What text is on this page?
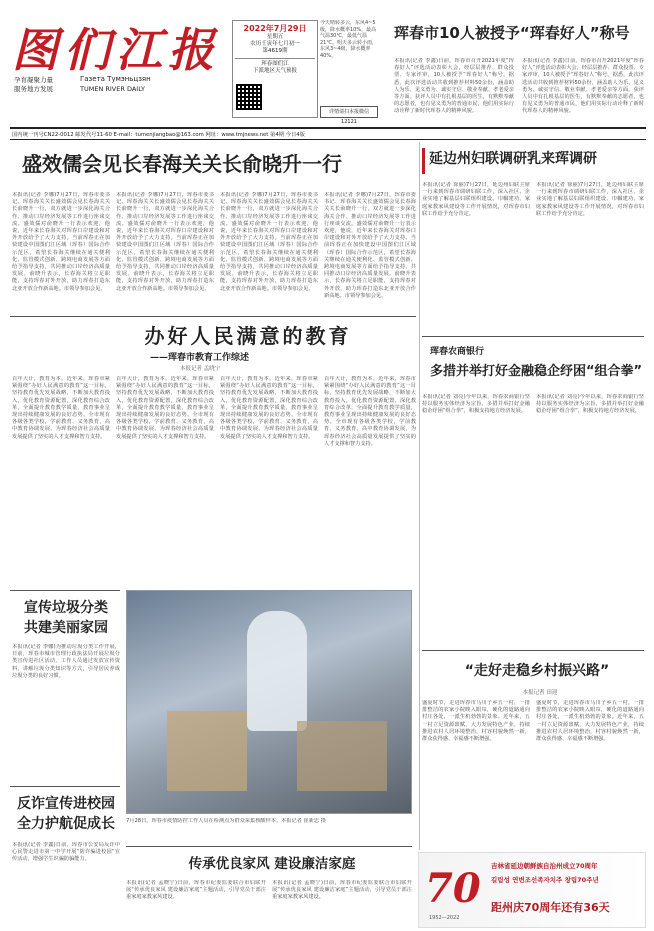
图们江报
孕育凝聚力量
服务地方发展
Газета Тумэньцзян
TUMEN RIVER DAILY
2022年7月29日
星期五
农历壬寅年七月初一
第4619期
珲春图们江
下派地区天气预报
今天晴转多云，东风4~5级，降水概率10%，最高气温30℃，最低气温21℃。明天多云转小雨，东风3~4级，降水概率40%。
详情请扫本报微信 12121
国内统一刊号CN22-0012 邮发代号11-60 E-mail：tumenjiangbao@163.com 网址：www.tmjnews.net 第4期 今日4版
珲春市10人被授予“珲春好人”称号
本报讯(记者 李鑫)日前，珲春市召开2021年度“珲春好人”评选活动表彰大会，经层层推荐、群众投票、专家评审，10人被授予“珲春好人”称号。据悉，此次评选活动共收到推荐材料50余份，涵盖助人为乐、见义勇为、诚实守信、敬业奉献、孝老爱亲等方面。获评人员中有扎根基层的医生，有默默奉献的志愿者，也有见义勇为的普通市民，他们用实际行动诠释了新时代珲春人的精神风貌。
本报讯(记者 李鑫)日前，珲春市召开2021年度“珲春好人”评选活动表彰大会，经层层推荐、群众投票、专家评审，10人被授予“珲春好人”称号。据悉，此次评选活动共收到推荐材料50余份，涵盖助人为乐、见义勇为、诚实守信、敬业奉献、孝老爱亲等方面。获评人员中有扎根基层的医生，有默默奉献的志愿者，也有见义勇为的普通市民，他们用实际行动诠释了新时代珲春人的精神风貌。
盛效儒会见长春海关关长俞晓升一行
本报讯(记者 李娜)7月27日，珲春市委书记、珲春海关关长盛效儒会见长春海关关长俞晓升一行，双方就进一步深化海关合作、推动口岸经济发展等工作进行座谈交流。盛效儒对俞晓升一行表示欢迎，他说，近年来长春海关对珲春口岸建设和对外开放给予了大力支持。当前珲春正在加快建设中国图们江区域（珲春）国际合作示范区，希望长春海关继续在通关便利化、监管模式创新、跨境电商发展等方面给予指导支持，共同推动口岸经济高质量发展。俞晓升表示，长春海关将立足职能，支持珲春对外开放，助力珲春打造东北亚开放合作新高地。市领导参加会见。
本报讯(记者 李娜)7月27日，珲春市委书记、珲春海关关长盛效儒会见长春海关关长俞晓升一行，双方就进一步深化海关合作、推动口岸经济发展等工作进行座谈交流。盛效儒对俞晓升一行表示欢迎，他说，近年来长春海关对珲春口岸建设和对外开放给予了大力支持。当前珲春正在加快建设中国图们江区域（珲春）国际合作示范区，希望长春海关继续在通关便利化、监管模式创新、跨境电商发展等方面给予指导支持，共同推动口岸经济高质量发展。俞晓升表示，长春海关将立足职能，支持珲春对外开放，助力珲春打造东北亚开放合作新高地。市领导参加会见。
本报讯(记者 李娜)7月27日，珲春市委书记、珲春海关关长盛效儒会见长春海关关长俞晓升一行，双方就进一步深化海关合作、推动口岸经济发展等工作进行座谈交流。盛效儒对俞晓升一行表示欢迎，他说，近年来长春海关对珲春口岸建设和对外开放给予了大力支持。当前珲春正在加快建设中国图们江区域（珲春）国际合作示范区，希望长春海关继续在通关便利化、监管模式创新、跨境电商发展等方面给予指导支持，共同推动口岸经济高质量发展。俞晓升表示，长春海关将立足职能，支持珲春对外开放，助力珲春打造东北亚开放合作新高地。市领导参加会见。
本报讯(记者 李娜)7月27日，珲春市委书记、珲春海关关长盛效儒会见长春海关关长俞晓升一行，双方就进一步深化海关合作、推动口岸经济发展等工作进行座谈交流。盛效儒对俞晓升一行表示欢迎，他说，近年来长春海关对珲春口岸建设和对外开放给予了大力支持。当前珲春正在加快建设中国图们江区域（珲春）国际合作示范区，希望长春海关继续在通关便利化、监管模式创新、跨境电商发展等方面给予指导支持，共同推动口岸经济高质量发展。俞晓升表示，长春海关将立足职能，支持珲春对外开放，助力珲春打造东北亚开放合作新高地。市领导参加会见。
延边州妇联调研乳来珲调研
本报讯(记者 徐丽)7月27日，延边州妇联主席一行来到珲春市调研妇联工作，深入社区、企业实地了解基层妇联组织建设、巾帼建功、家庭家教家风建设等工作开展情况，对珲春市妇联工作给予充分肯定。
本报讯(记者 徐丽)7月27日，延边州妇联主席一行来到珲春市调研妇联工作，深入社区、企业实地了解基层妇联组织建设、巾帼建功、家庭家教家风建设等工作开展情况，对珲春市妇联工作给予充分肯定。
办好人民满意的教育
——珲春市教育工作综述
本报记者 孟晓宁
百年大计，教育为本。近年来，珲春市紧紧围绕“办好人民满意的教育”这一目标，坚持教育优先发展战略，不断加大教育投入，优化教育资源配置，深化教育综合改革，全面提升教育教学质量，教育事业呈现出持续健康发展的良好态势。全市现有各级各类学校，学前教育、义务教育、高中教育协调发展，为珲春经济社会高质量发展提供了坚实的人才支撑和智力支持。
百年大计，教育为本。近年来，珲春市紧紧围绕“办好人民满意的教育”这一目标，坚持教育优先发展战略，不断加大教育投入，优化教育资源配置，深化教育综合改革，全面提升教育教学质量，教育事业呈现出持续健康发展的良好态势。全市现有各级各类学校，学前教育、义务教育、高中教育协调发展，为珲春经济社会高质量发展提供了坚实的人才支撑和智力支持。
百年大计，教育为本。近年来，珲春市紧紧围绕“办好人民满意的教育”这一目标，坚持教育优先发展战略，不断加大教育投入，优化教育资源配置，深化教育综合改革，全面提升教育教学质量，教育事业呈现出持续健康发展的良好态势。全市现有各级各类学校，学前教育、义务教育、高中教育协调发展，为珲春经济社会高质量发展提供了坚实的人才支撑和智力支持。
百年大计，教育为本。近年来，珲春市紧紧围绕“办好人民满意的教育”这一目标，坚持教育优先发展战略，不断加大教育投入，优化教育资源配置，深化教育综合改革，全面提升教育教学质量，教育事业呈现出持续健康发展的良好态势。全市现有各级各类学校，学前教育、义务教育、高中教育协调发展，为珲春经济社会高质量发展提供了坚实的人才支撑和智力支持。
珲春农商银行
多措并举打好金融稳企纾困“组合拳”
本报讯(记者 刘亮)今年以来，珲春农商银行坚持以服务实体经济为宗旨，多措并举打好金融稳企纾困“组合拳”，积极支持地方经济发展。
本报讯(记者 刘亮)今年以来，珲春农商银行坚持以服务实体经济为宗旨，多措并举打好金融稳企纾困“组合拳”，积极支持地方经济发展。
宣传垃圾分类
共建美丽家园
本报讯(记者 李娜)为推动垃圾分类工作开展，日前，珲春市城市管理行政执法局开展垃圾分类宣传进社区活动，工作人员通过发放宣传资料、讲解垃圾分类知识等方式，引导居民养成垃圾分类的良好习惯。
反诈宣传进校园
全力护航促成长
本报讯(记者 李鑫)日前，珲春市公安局反诈中心民警走进市第一中学开展“防诈骗进校园”宣传活动，增强学生识骗防骗能力。
7月28日，珲春市疫情防控工作人员在检测点为群众采集核酸样本。本报记者 崔新忠 摄
传承优良家风 建设廉洁家庭
本报讯(记者 孟晓宁)日前，珲春市纪委监委联合市妇联开展“传承优良家风 建设廉洁家庭”主题活动，引导党员干部注重家庭家教家风建设。
本报讯(记者 孟晓宁)日前，珲春市纪委监委联合市妇联开展“传承优良家风 建设廉洁家庭”主题活动，引导党员干部注重家庭家教家风建设。
“走好走稳乡村振兴路”
本报记者 田迎
盛夏时节，走进珲春市马川子乡五一村，一排排整洁的农家小院映入眼帘，硬化的道路通向村庄各处，一派生机勃勃的景象。近年来，五一村立足资源禀赋，大力发展特色产业，持续推进农村人居环境整治，村容村貌焕然一新，群众获得感、幸福感不断增强。
盛夏时节，走进珲春市马川子乡五一村，一排排整洁的农家小院映入眼帘，硬化的道路通向村庄各处，一派生机勃勃的景象。近年来，五一村立足资源禀赋，大力发展特色产业，持续推进农村人居环境整治，村容村貌焕然一新，群众获得感、幸福感不断增强。
70
1952—2022
吉林省延边朝鲜族自治州成立70周年
길림성 연변조선족자치주 창립70주년
距州庆70周年还有36天
